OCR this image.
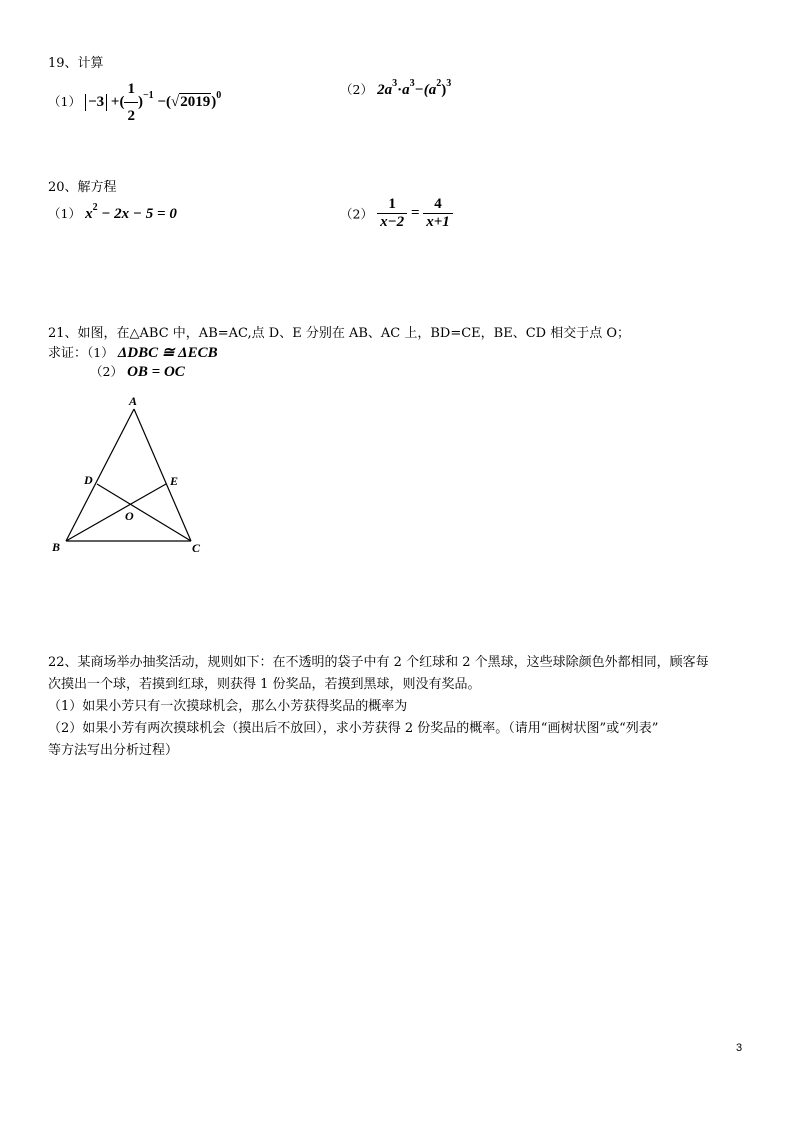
19、计算
（1） −3 +( $\frac{1}{2} )^{-1} -(√2019)^0$	（2） $2a^3\cdot a^3-(a^2)^3$
20、解方程
（1） $x^2 - 2x - 5 = 0$	$(2) \frac{1}{x-2} = \frac{4}{x+1}$
21、如图，在△ABC 中，AB=AC,点 D、E 分别在 AB、AC 上，BD=CE，BE、CD 相交于点 O；
求证：（1） ΔDBC ≅ ΔECB
（2） OB = OC
A
B	C
D	E
O
22、某商场举办抽奖活动，规则如下：在不透明的袋子中有 2 个红球和 2 个黑球，这些球除颜色外都相同，顾客每
次摸出一个球，若摸到红球，则获得 1 份奖品，若摸到黑球，则没有奖品。
（1）如果小芳只有一次摸球机会，那么小芳获得奖品的概率为
（2）如果小芳有两次摸球机会（摸出后不放回），求小芳获得 2 份奖品的概率。（请用“画树状图”或“列表”
等方法写出分析过程）
3
